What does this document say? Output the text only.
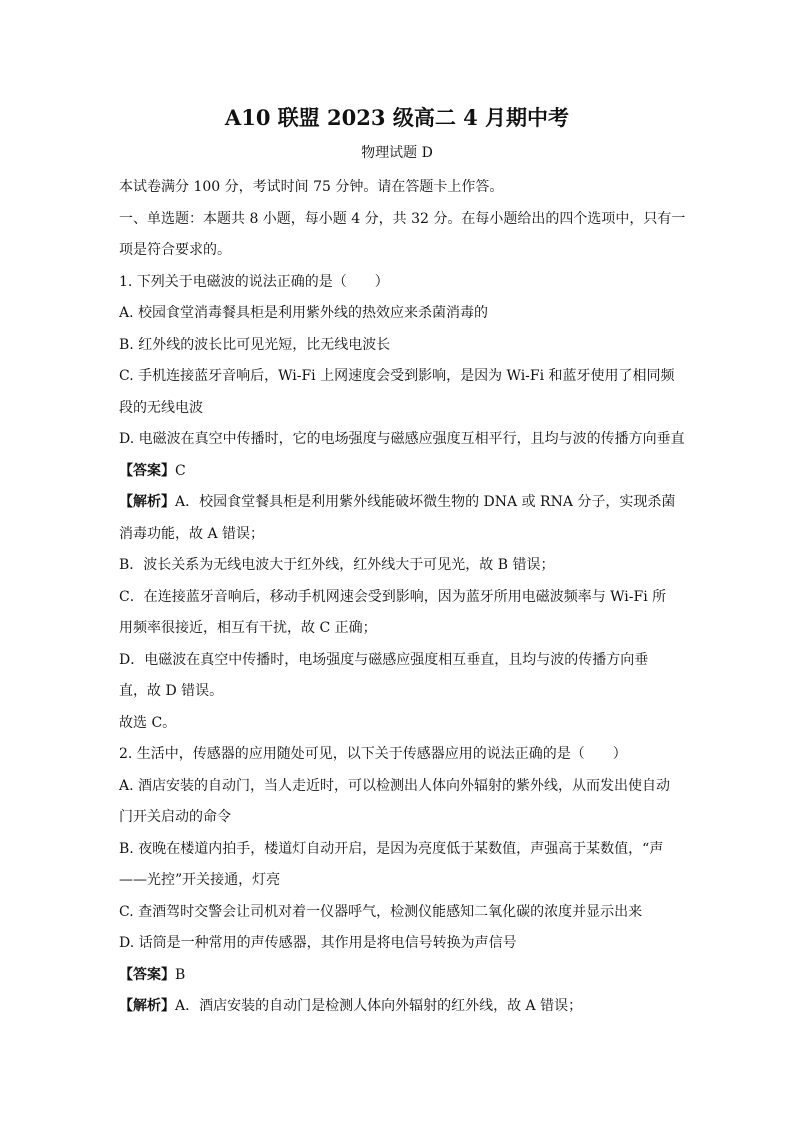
A10 联盟 2023 级高二 4 月期中考
物理试题 D

本试卷满分 100 分，考试时间 75 分钟。请在答题卡上作答。

一、单选题：本题共 8 小题，每小题 4 分，共 32 分。在每小题给出的四个选项中，只有一

项是符合要求的。

1. 下列关于电磁波的说法正确的是（　　）

A. 校园食堂消毒餐具柜是利用紫外线的热效应来杀菌消毒的

B. 红外线的波长比可见光短，比无线电波长

C. 手机连接蓝牙音响后，Wi-Fi 上网速度会受到影响，是因为 Wi-Fi 和蓝牙使用了相同频

段的无线电波

D. 电磁波在真空中传播时，它的电场强度与磁感应强度互相平行，且均与波的传播方向垂直

【答案】C

【解析】A．校园食堂餐具柜是利用紫外线能破坏微生物的 DNA 或 RNA 分子，实现杀菌

消毒功能，故 A 错误；

B．波长关系为无线电波大于红外线，红外线大于可见光，故 B 错误；

C．在连接蓝牙音响后，移动手机网速会受到影响，因为蓝牙所用电磁波频率与 Wi-Fi 所

用频率很接近，相互有干扰，故 C 正确；

D．电磁波在真空中传播时，电场强度与磁感应强度相互垂直，且均与波的传播方向垂

直，故 D 错误。

故选 C。

2. 生活中，传感器的应用随处可见，以下关于传感器应用的说法正确的是（　　）

A. 酒店安装的自动门，当人走近时，可以检测出人体向外辐射的紫外线，从而发出使自动

门开关启动的命令

B. 夜晚在楼道内拍手，楼道灯自动开启，是因为亮度低于某数值，声强高于某数值，“声

——光控”开关接通，灯亮

C. 查酒驾时交警会让司机对着一仪器呼气，检测仪能感知二氧化碳的浓度并显示出来

D. 话筒是一种常用的声传感器，其作用是将电信号转换为声信号

【答案】B

【解析】A．酒店安装的自动门是检测人体向外辐射的红外线，故 A 错误；
